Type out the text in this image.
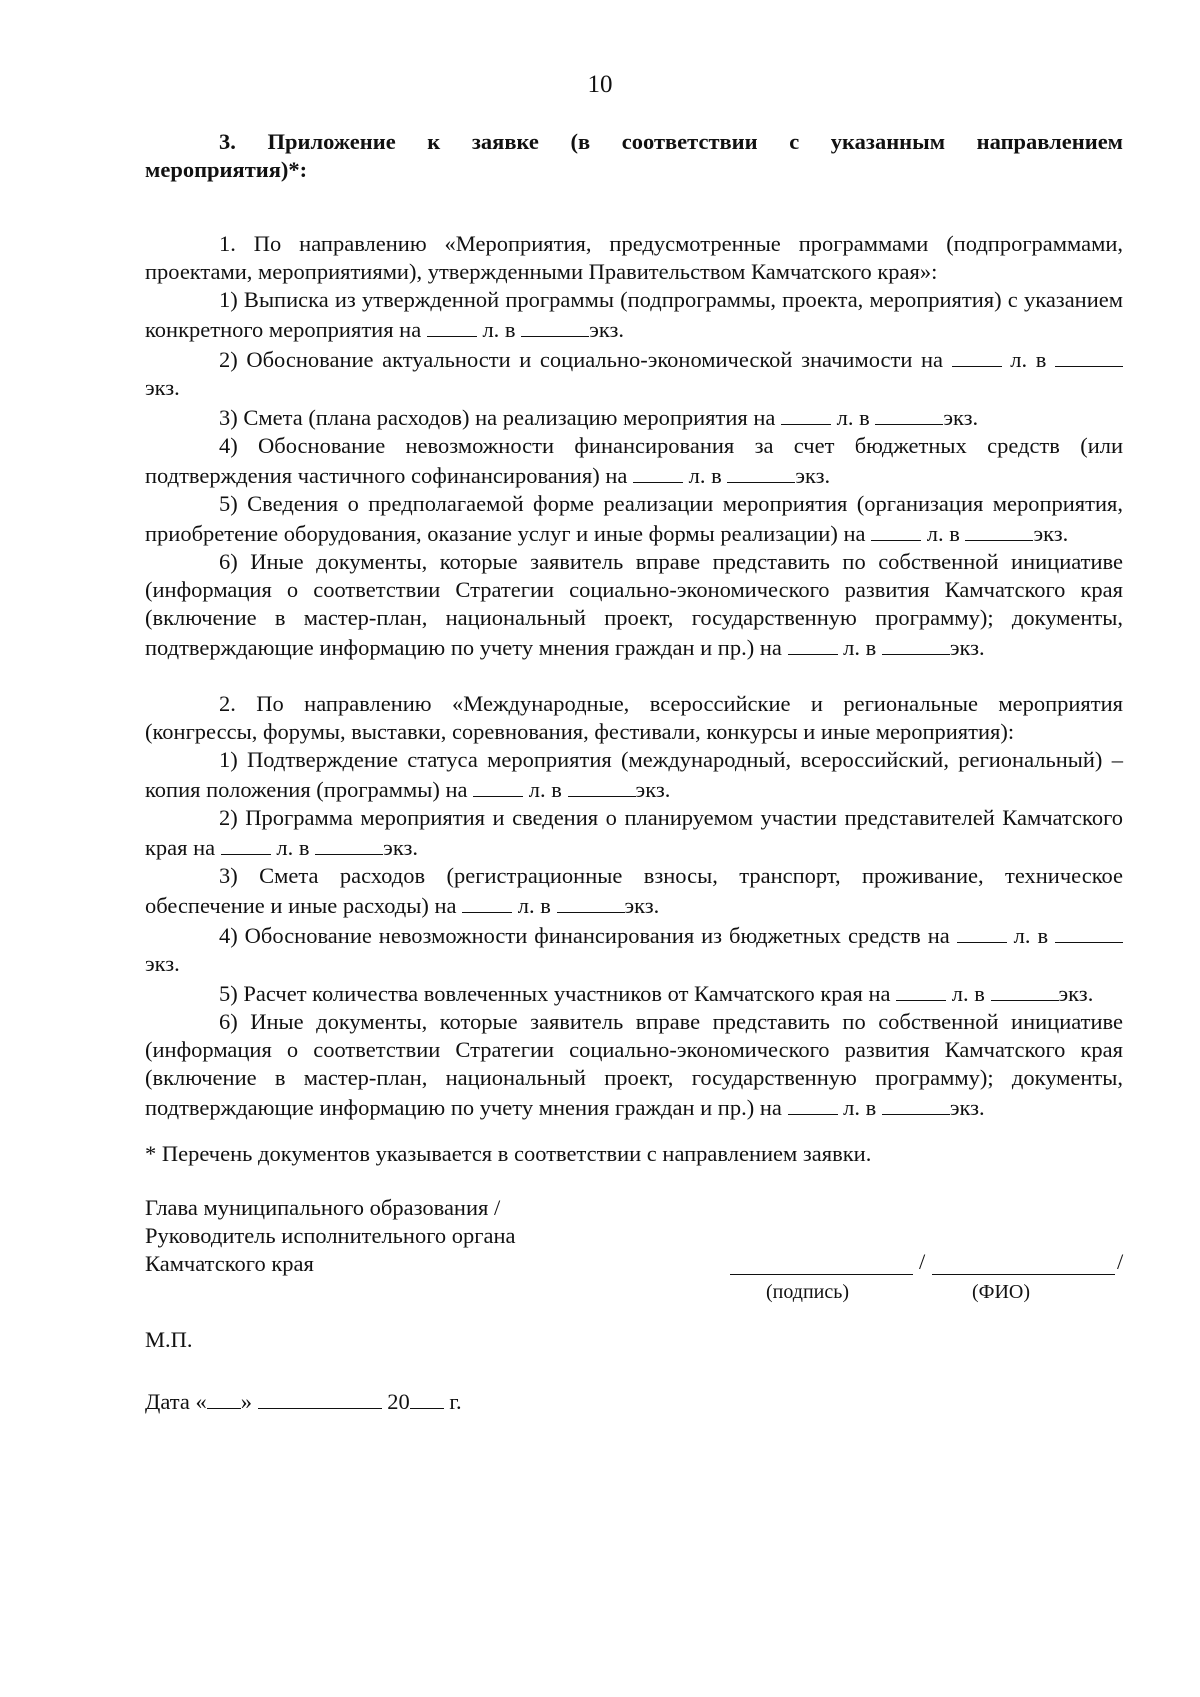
10

3. Приложение к заявке (в соответствии с указанным направлением
мероприятия)*:

1. По направлению «Мероприятия, предусмотренные программами (подпрограммами, проектами, мероприятиями), утвержденными Правительством Камчатского края»:

1) Выписка из утвержденной программы (подпрограммы, проекта, мероприятия) с указанием конкретного мероприятия на	л. в	экз.

2) Обоснование актуальности и социально-экономической значимости на	л. в экз.

3) Смета (плана расходов) на реализацию мероприятия на	л. в	экз.

4) Обоснование невозможности финансирования за счет бюджетных средств (или подтверждения частичного софинансирования) на	л. в	экз.

5) Сведения о предполагаемой форме реализации мероприятия (организация мероприятия, приобретение оборудования, оказание услуг и иные формы реализации) на	л. в	экз.

6) Иные документы, которые заявитель вправе представить по собственной инициативе (информация о соответствии Стратегии социально-экономического развития Камчатского края (включение в мастер-план, национальный проект, государственную программу); документы, подтверждающие информацию по учету мнения граждан и пр.) на	л. в	экз.

2. По направлению «Международные, всероссийские и региональные мероприятия (конгрессы, форумы, выставки, соревнования, фестивали, конкурсы и иные мероприятия):

1) Подтверждение статуса мероприятия (международный, всероссийский, региональный) – копия положения (программы) на	л. в	экз.

2) Программа мероприятия и сведения о планируемом участии представителей Камчатского края на	л. в	экз.

3) Смета расходов (регистрационные взносы, транспорт, проживание, техническое обеспечение и иные расходы) на	л. в	экз.

4) Обоснование невозможности финансирования из бюджетных средств на	л. в экз.

5) Расчет количества вовлеченных участников от Камчатского края на	л. в	экз.

6) Иные документы, которые заявитель вправе представить по собственной инициативе (информация о соответствии Стратегии социально-экономического развития Камчатского края (включение в мастер-план, национальный проект, государственную программу); документы, подтверждающие информацию по учету мнения граждан и пр.) на	л. в	экз.

* Перечень документов указывается в соответствии с направлением заявки.

Глава муниципального образования /

Руководитель исполнительного органа

Камчатского края	/	/
(подпись)	(ФИО)

М.П.

Дата « »	20 г.
